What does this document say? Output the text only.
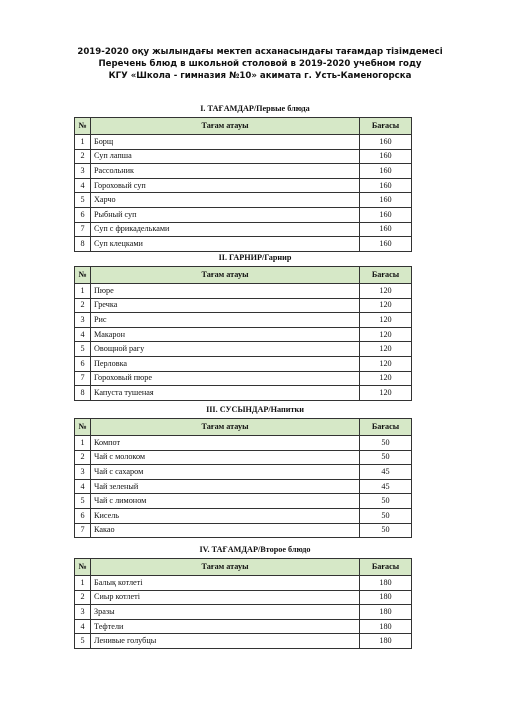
2019-2020 оқу жылындағы мектеп асханасындағы тағамдар тізімдемесі
Перечень блюд в школьной столовой в 2019-2020 учебном году
КГУ «Школа - гимназия №10» акимата г. Усть-Каменогорска
I. ТАҒАМДАР/Первые блюда
№	Тағам атауы	Бағасы
1	Борщ	160
2	Суп лапша	160
3	Рассольник	160
4	Гороховый суп	160
5	Харчо	160
6	Рыбный суп	160
7	Суп с фрикадельками	160
8	Суп клецками	160
II. ГАРНИР/Гарнир
№	Тағам атауы	Бағасы
1	Пюре	120
2	Гречка	120
3	Рис	120
4	Макарон	120
5	Овощной рагу	120
6	Перловка	120
7	Гороховый пюре	120
8	Капуста тушеная	120
III. СУСЫНДАР/Напитки
№	Тағам атауы	Бағасы
1	Компот	50
2	Чай с молоком	50
3	Чай с сахаром	45
4	Чай зеленый	45
5	Чай с лимоном	50
6	Кисель	50
7	Какао	50
IV. ТАҒАМДАР/Второе блюдо
№	Тағам атауы	Бағасы
1	Балық котлеті	180
2	Сиыр котлеті	180
3	Зразы	180
4	Тефтели	180
5	Ленивые голубцы	180
